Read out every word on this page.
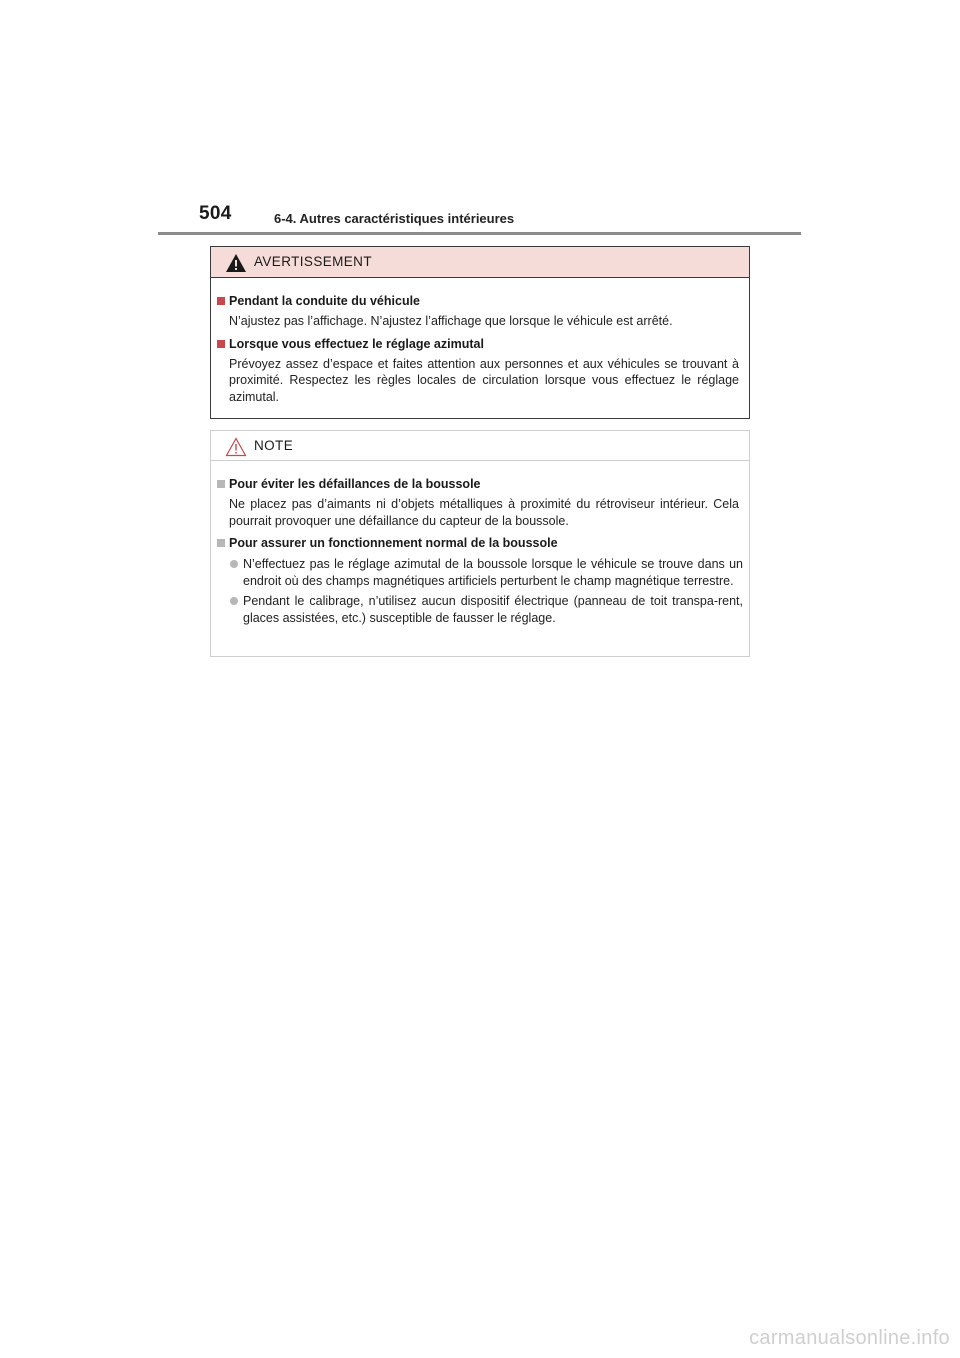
504	6-4. Autres caractéristiques intérieures
AVERTISSEMENT
Pendant la conduite du véhicule
N’ajustez pas l’affichage. N’ajustez l’affichage que lorsque le véhicule est arrêté.
Lorsque vous effectuez le réglage azimutal
Prévoyez assez d’espace et faites attention aux personnes et aux véhicules se trouvant à proximité. Respectez les règles locales de circulation lorsque vous effectuez le réglage azimutal.
NOTE
Pour éviter les défaillances de la boussole
Ne placez pas d’aimants ni d’objets métalliques à proximité du rétroviseur intérieur. Cela pourrait provoquer une défaillance du capteur de la boussole.
Pour assurer un fonctionnement normal de la boussole
N’effectuez pas le réglage azimutal de la boussole lorsque le véhicule se trouve dans un endroit où des champs magnétiques artificiels perturbent le champ magnétique terrestre.
Pendant le calibrage, n’utilisez aucun dispositif électrique (panneau de toit transpa-rent, glaces assistées, etc.) susceptible de fausser le réglage.
carmanualsonline.info
